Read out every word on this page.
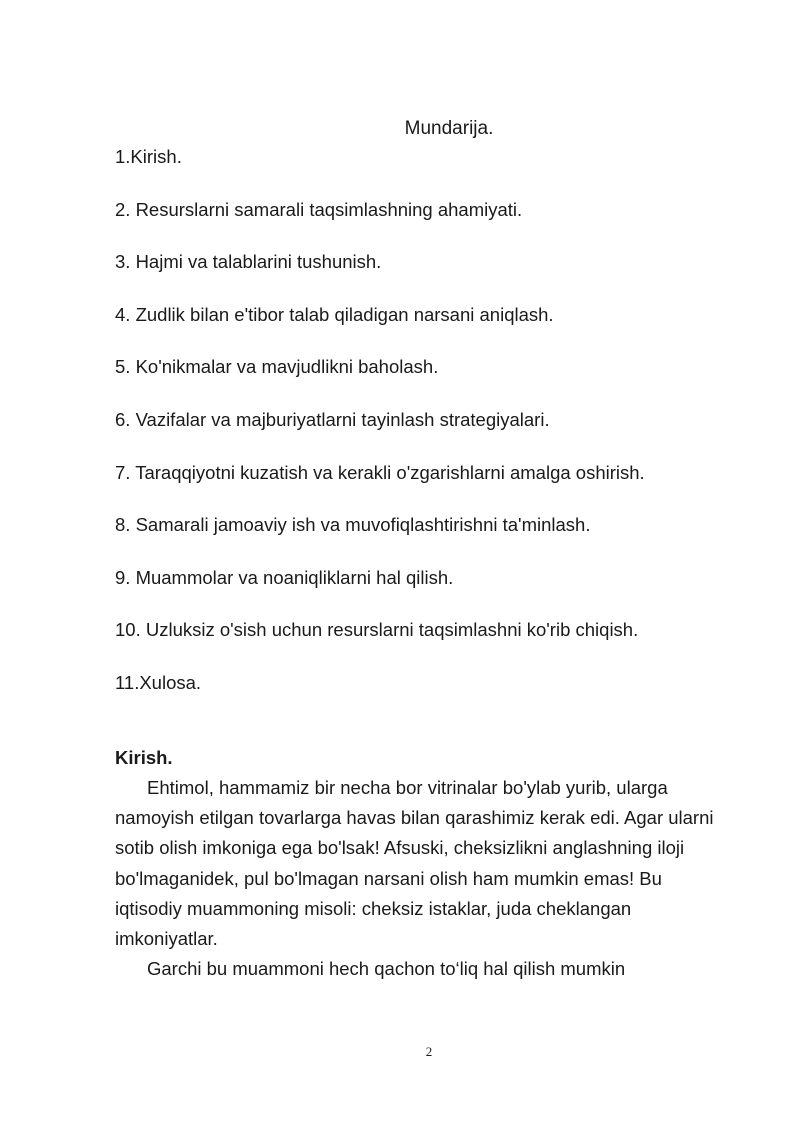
Mundarija.
1.Kirish.
2. Resurslarni samarali taqsimlashning ahamiyati.
3. Hajmi va talablarini tushunish.
4. Zudlik bilan e'tibor talab qiladigan narsani aniqlash.
5. Ko'nikmalar va mavjudlikni baholash.
6. Vazifalar va majburiyatlarni tayinlash strategiyalari.
7. Taraqqiyotni kuzatish va kerakli o'zgarishlarni amalga oshirish.
8. Samarali jamoaviy ish va muvofiqlashtirishni ta'minlash.
9. Muammolar va noaniqliklarni hal qilish.
10. Uzluksiz o'sish uchun resurslarni taqsimlashni ko'rib chiqish.
11.Xulosa.

Kirish.

Ehtimol, hammamiz bir necha bor vitrinalar bo'ylab yurib, ularga namoyish etilgan tovarlarga havas bilan qarashimiz kerak edi. Agar ularni sotib olish imkoniga ega bo'lsak! Afsuski, cheksizlikni anglashning iloji bo'lmaganidek, pul bo'lmagan narsani olish ham mumkin emas! Bu iqtisodiy muammoning misoli: cheksiz istaklar, juda cheklangan imkoniyatlar.

Garchi bu muammoni hech qachon to‘liq hal qilish mumkin

2
